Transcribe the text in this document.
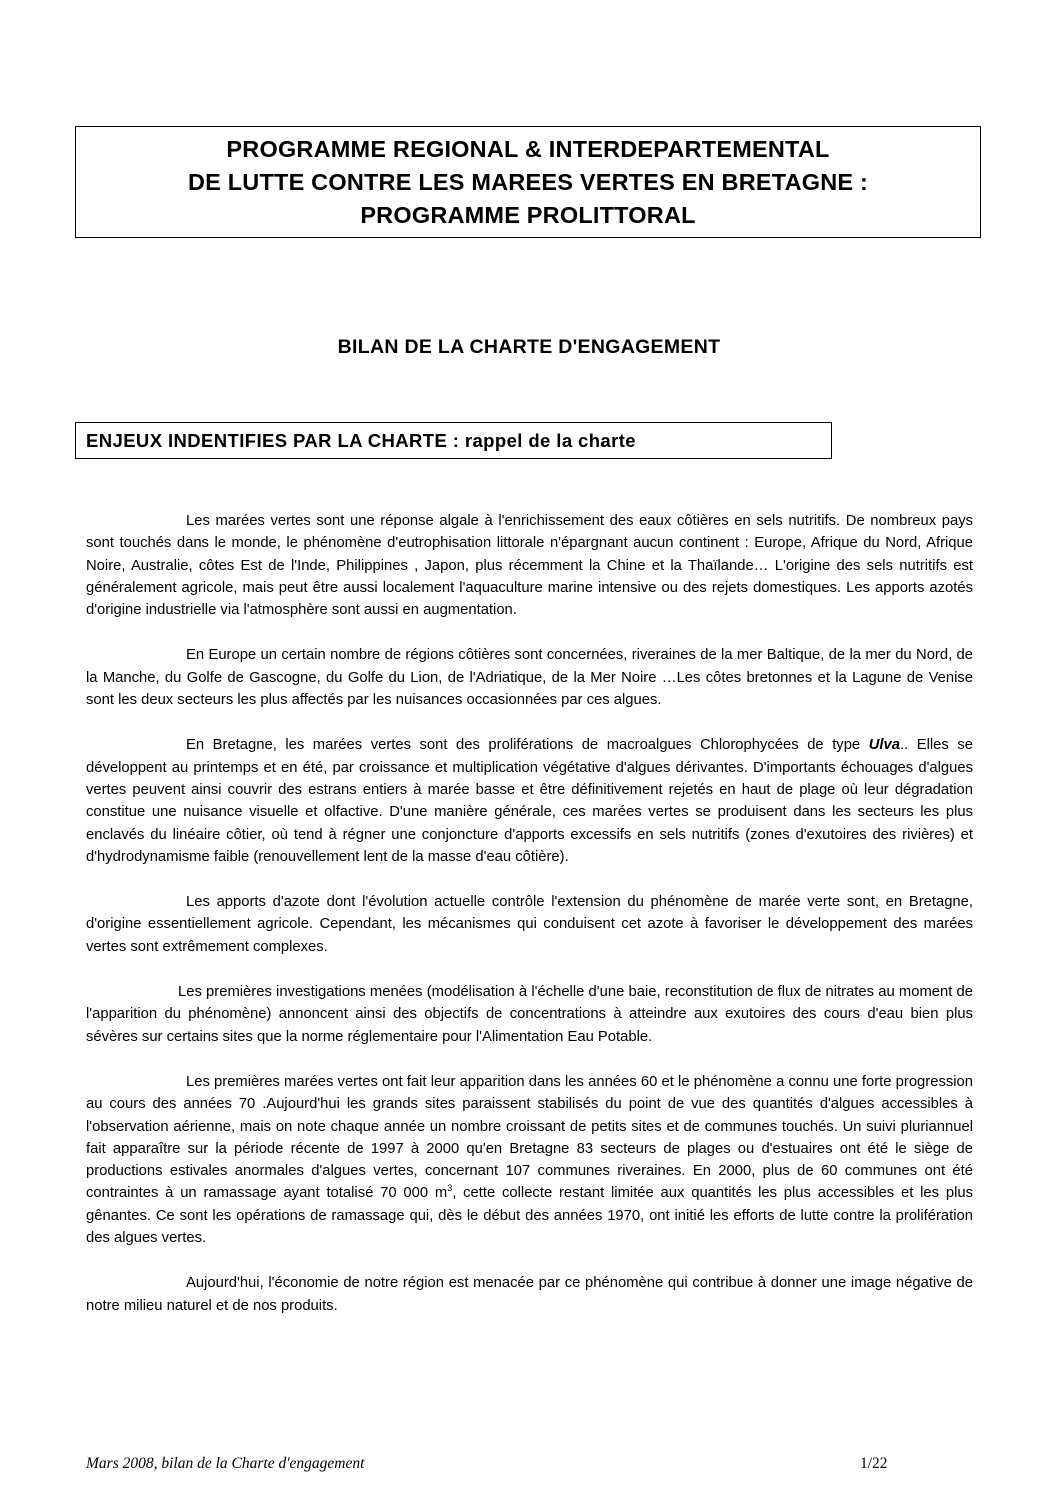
PROGRAMME REGIONAL & INTERDEPARTEMENTAL
DE LUTTE CONTRE LES MAREES VERTES EN BRETAGNE :
PROGRAMME PROLITTORAL
BILAN DE LA CHARTE D'ENGAGEMENT
ENJEUX INDENTIFIES PAR LA CHARTE : rappel de la charte

Les marées vertes sont une réponse algale à l'enrichissement des eaux côtières en sels nutritifs. De nombreux pays sont touchés dans le monde, le phénomène d'eutrophisation littorale n'épargnant aucun continent : Europe, Afrique du Nord, Afrique Noire, Australie, côtes Est de l'Inde, Philippines , Japon, plus récemment la Chine et la Thaïlande… L'origine des sels nutritifs est généralement agricole, mais peut être aussi localement l'aquaculture marine intensive ou des rejets domestiques. Les apports azotés d'origine industrielle via l'atmosphère sont aussi en augmentation.

En Europe un certain nombre de régions côtières sont concernées, riveraines de la mer Baltique, de la mer du Nord, de la Manche, du Golfe de Gascogne, du Golfe du Lion, de l'Adriatique, de la Mer Noire …Les côtes bretonnes et la Lagune de Venise sont les deux secteurs les plus affectés par les nuisances occasionnées par ces algues.

En Bretagne, les marées vertes sont des proliférations de macroalgues Chlorophycées de type Ulva.. Elles se développent au printemps et en été, par croissance et multiplication végétative d'algues dérivantes. D'importants échouages d'algues vertes peuvent ainsi couvrir des estrans entiers à marée basse et être définitivement rejetés en haut de plage où leur dégradation constitue une nuisance visuelle et olfactive. D'une manière générale, ces marées vertes se produisent dans les secteurs les plus enclavés du linéaire côtier, où tend à régner une conjoncture d'apports excessifs en sels nutritifs (zones d'exutoires des rivières) et d'hydrodynamisme faible (renouvellement lent de la masse d'eau côtière).

Les apports d'azote dont l'évolution actuelle contrôle l'extension du phénomène de marée verte sont, en Bretagne, d'origine essentiellement agricole. Cependant, les mécanismes qui conduisent cet azote à favoriser le développement des marées vertes sont extrêmement complexes.

Les premières investigations menées (modélisation à l'échelle d'une baie, reconstitution de flux de nitrates au moment de l'apparition du phénomène) annoncent ainsi des objectifs de concentrations à atteindre aux exutoires des cours d'eau bien plus sévères sur certains sites que la norme réglementaire pour l'Alimentation Eau Potable.

Les premières marées vertes ont fait leur apparition dans les années 60 et le phénomène a connu une forte progression au cours des années 70 .Aujourd'hui les grands sites paraissent stabilisés du point de vue des quantités d'algues accessibles à l'observation aérienne, mais on note chaque année un nombre croissant de petits sites et de communes touchés. Un suivi pluriannuel fait apparaître sur la période récente de 1997 à 2000 qu'en Bretagne 83 secteurs de plages ou d'estuaires ont été le siège de productions estivales anormales d'algues vertes, concernant 107 communes riveraines. En 2000, plus de 60 communes ont été contraintes à un ramassage ayant totalisé 70 000 $m^3$, cette collecte restant limitée aux quantités les plus accessibles et les plus gênantes. Ce sont les opérations de ramassage qui, dès le début des années 1970, ont initié les efforts de lutte contre la prolifération des algues vertes.

Aujourd'hui, l'économie de notre région est menacée par ce phénomène qui contribue à donner une image négative de notre milieu naturel et de nos produits.

Mars 2008, bilan de la Charte d'engagement	1/22
